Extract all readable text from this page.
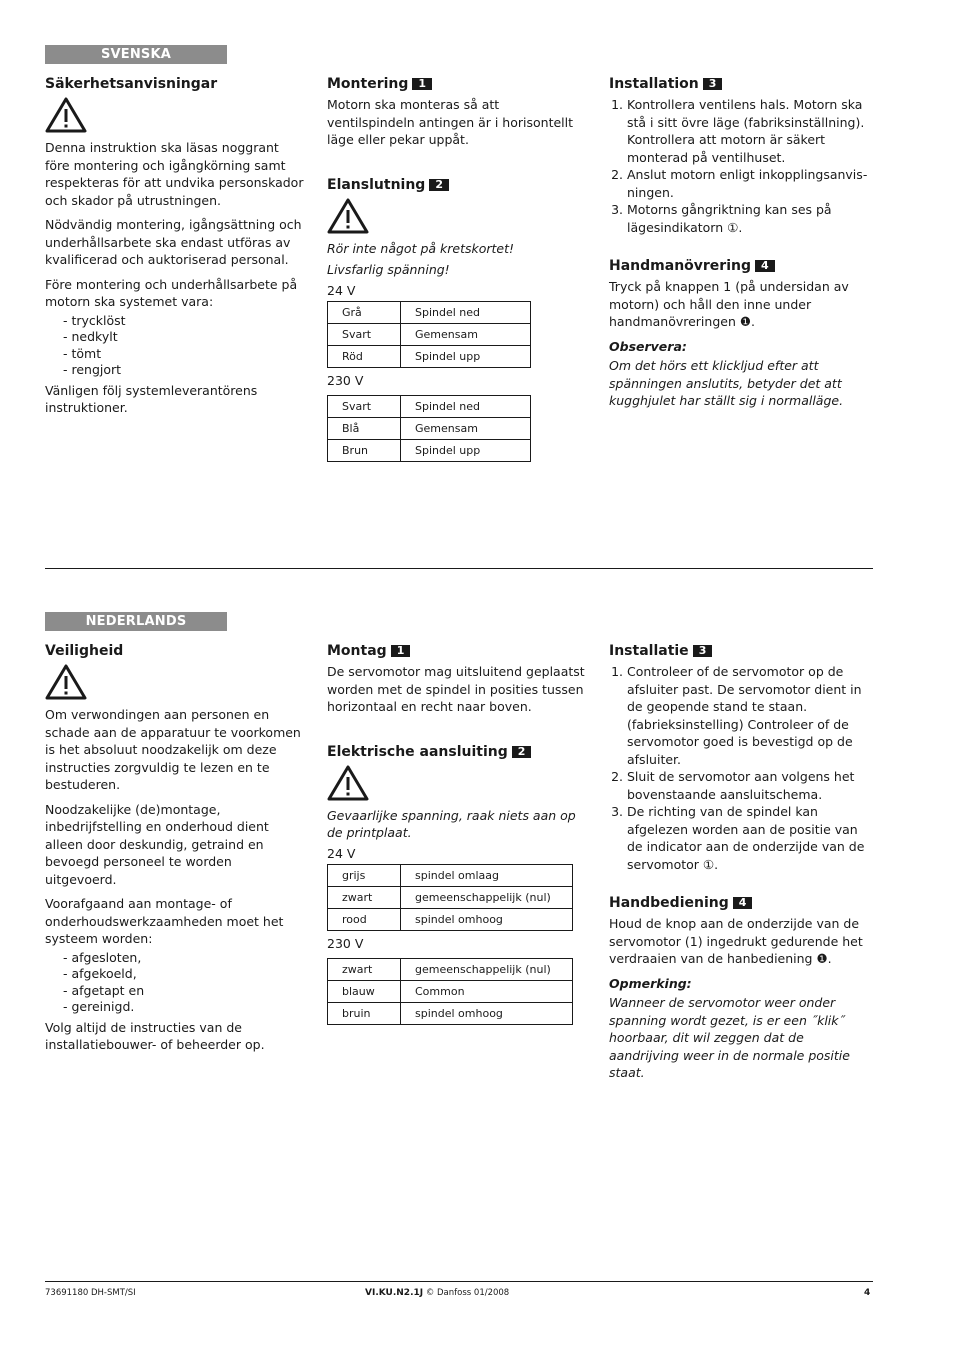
SVENSKA
Säkerhetsanvisningar

Denna instruktion ska läsas noggrant före montering och igångkörning samt respekteras för att undvika personskador och skador på utrustningen.

Nödvändig montering, igångsättning och underhållsarbete ska endast utföras av kvalificerad och auktoriserad personal.

Före montering och underhållsarbete på motorn ska systemet vara:

- trycklöst
- nedkylt
- tömt
- rengjort

Vänligen följ systemleverantörens instruktioner.

Montering 1

Motorn ska monteras så att ventilspindeln antingen är i horisontellt läge eller pekar uppåt.

Elanslutning 2

Rör inte något på kretskortet!

Livsfarlig spänning!

24 V

Grå	Spindel ned
Svart	Gemensam
Röd	Spindel upp

230 V

Svart	Spindel ned
Blå	Gemensam
Brun	Spindel upp
Installation 3
1. Kontrollera ventilens hals. Motorn ska stå i sitt övre läge (fabriksinställning). Kontrollera att motorn är säkert monterad på ventilhuset.
2. Anslut motorn enligt inkopplingsanvisningen.
3. Motorns gångriktning kan ses på lägesindikatorn ①.
Handmanövrering 4

Tryck på knappen 1 (på undersidan av motorn) och håll den inne under handmanövreringen ❶.

Observera:

Om det hörs ett klickljud efter att spänningen anslutits, betyder det att kugghjulet har ställt sig i normalläge.

NEDERLANDS
Veiligheid

Om verwondingen aan personen en schade aan de apparatuur te voorkomen is het absoluut noodzakelijk om deze instructies zorgvuldig te lezen en te bestuderen.

Noodzakelijke (de)montage, inbedrijfstelling en onderhoud dient alleen door deskundig, getraind en bevoegd personeel te worden uitgevoerd.

Voorafgaand aan montage- of onderhoudswerkzaamheden moet het systeem worden:

- afgesloten,
- afgekoeld,
- afgetapt en
- gereinigd.

Volg altijd de instructies van de installatiebouwer- of beheerder op.

Montag 1

De servomotor mag uitsluitend geplaatst worden met de spindel in posities tussen horizontaal en recht naar boven.

Elektrische aansluiting 2

Gevaarlijke spanning, raak niets aan op de printplaat.

24 V

grijs	spindel omlaag
zwart	gemeenschappelijk (nul)
rood	spindel omhoog

230 V

zwart	gemeenschappelijk (nul)
blauw	Common
bruin	spindel omhoog
Installatie 3
1. Controleer of de servomotor op de afsluiter past. De servomotor dient in de geopende stand te staan. (fabrieksinstelling) Controleer of de servomotor goed is bevestigd op de afsluiter.
2. Sluit de servomotor aan volgens het bovenstaande aansluitschema.
3. De richting van de spindel kan afgelezen worden aan de positie van de indicator aan de onderzijde van de servomotor ①.
Handbediening 4

Houd de knop aan de onderzijde van de servomotor (1) ingedrukt gedurende het verdraaien van de hanbediening ❶.

Opmerking:

Wanneer de servomotor weer onder spanning wordt gezet, is er een ˝klik˝ hoorbaar, dit wil zeggen dat de aandrijving weer in de normale positie staat.

73691180 DH-SMT/SI	VI.KU.N2.1J © Danfoss 01/2008	4
